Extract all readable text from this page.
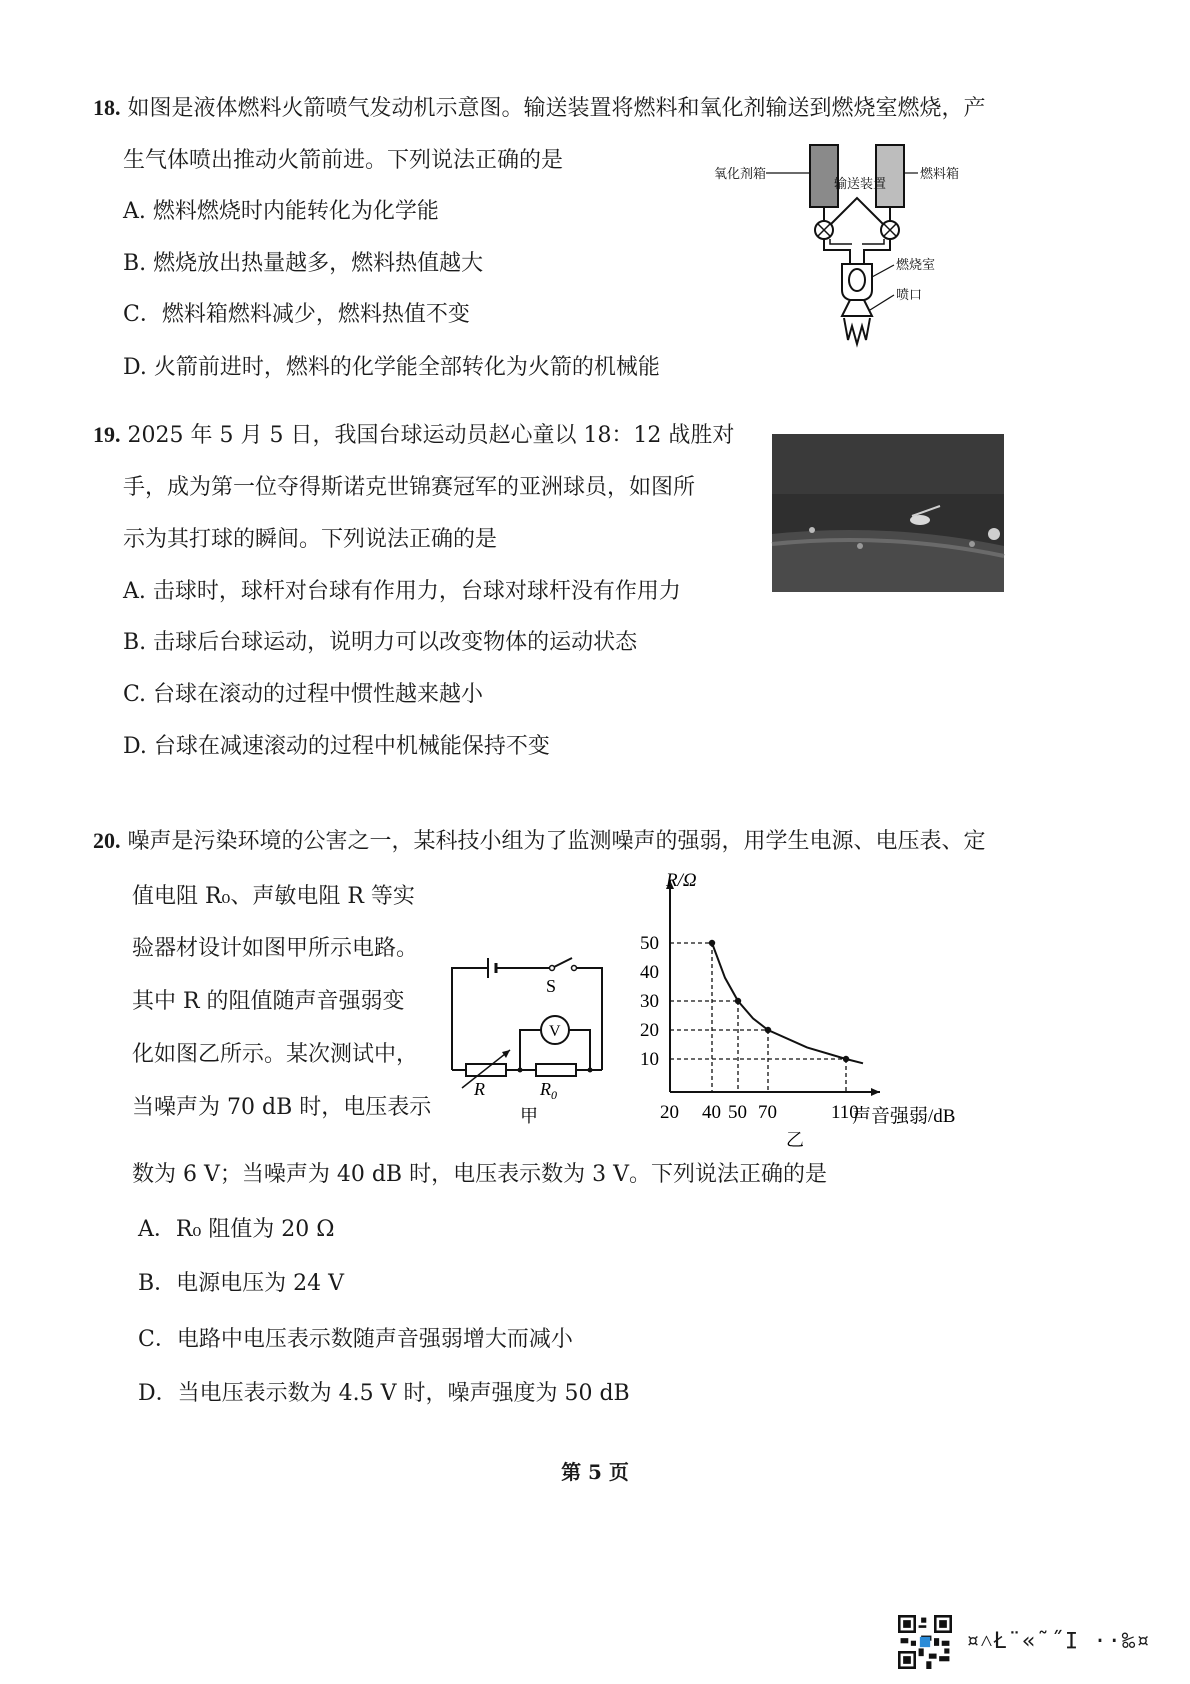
18. 如图是液体燃料火箭喷气发动机示意图。输送装置将燃料和氧化剂输送到燃烧室燃烧，产
生气体喷出推动火箭前进。下列说法正确的是
A. 燃料燃烧时内能转化为化学能
B. 燃烧放出热量越多，燃料热值越大
C．燃料箱燃料减少，燃料热值不变
D. 火箭前进时，燃料的化学能全部转化为火箭的机械能
氧化剂箱
输送装置
燃料箱
燃烧室
喷口
19. 2025 年 5 月 5 日，我国台球运动员赵心童以 18：12 战胜对
手，成为第一位夺得斯诺克世锦赛冠军的亚洲球员，如图所
示为其打球的瞬间。下列说法正确的是
A. 击球时，球杆对台球有作用力，台球对球杆没有作用力
B. 击球后台球运动，说明力可以改变物体的运动状态
C. 台球在滚动的过程中惯性越来越小
D. 台球在减速滚动的过程中机械能保持不变
20. 噪声是污染环境的公害之一，某科技小组为了监测噪声的强弱，用学生电源、电压表、定
值电阻 R₀、声敏电阻 R 等实
验器材设计如图甲所示电路。
其中 R 的阻值随声音强弱变
化如图乙所示。某次测试中，
当噪声为 70 dB 时，电压表示
数为 6 V；当噪声为 40 dB 时，电压表示数为 3 V。下列说法正确的是
A．R₀ 阻值为 20 Ω
B．电源电压为 24 V
C．电路中电压表示数随声音强弱增大而减小
D．当电压表示数为 4.5 V 时，噪声强度为 50 dB
S
V
R	$R_0$
甲	20 40 50 70	110
50
40
30
20
10
R/Ω
声音强弱/dB
乙
第 5 页
¤˄Ł¨«˜˝Ι ··‰¤
